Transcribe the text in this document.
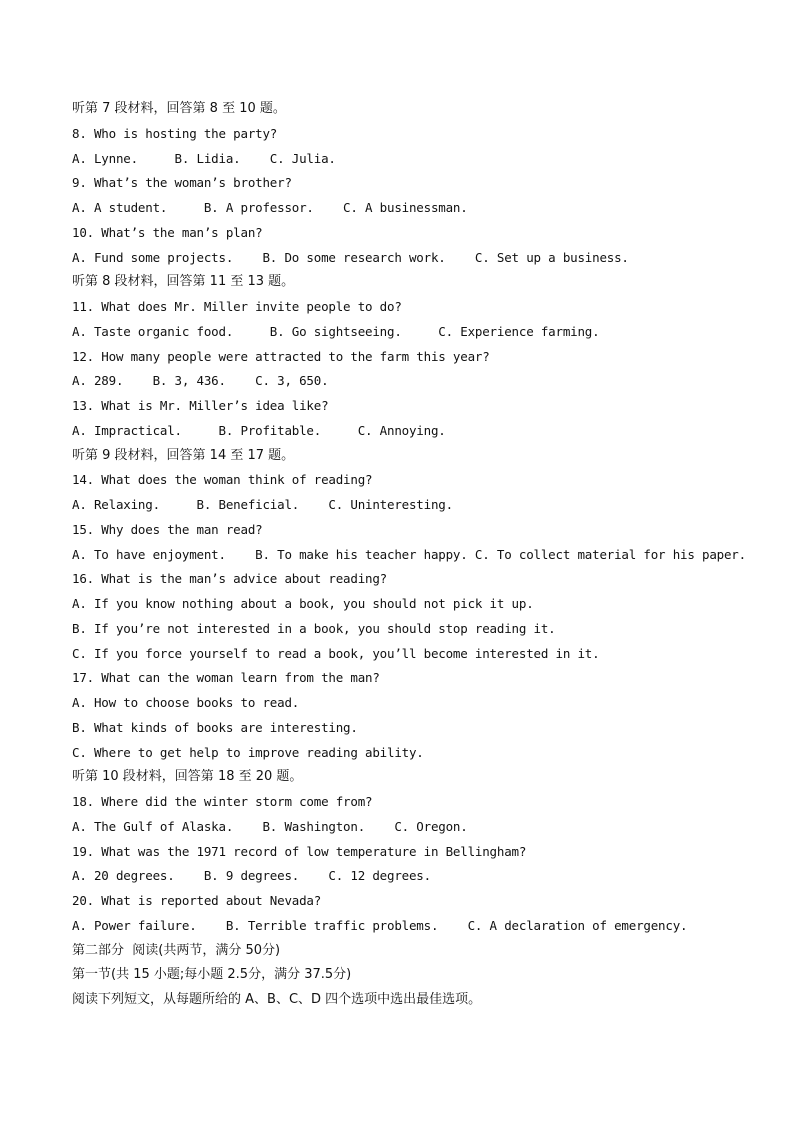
听第 7 段材料，回答第 8 至 10 题。
8. Who is hosting the party?
A. Lynne.     B. Lidia.    C. Julia.
9. What’s the woman’s brother?
A. A student.     B. A professor.    C. A businessman.
10. What’s the man’s plan?
A. Fund some projects.    B. Do some research work.    C. Set up a business.
听第 8 段材料，回答第 11 至 13 题。
11. What does Mr. Miller invite people to do?
A. Taste organic food.     B. Go sightseeing.     C. Experience farming.
12. How many people were attracted to the farm this year?
A. 289.    B. 3, 436.    C. 3, 650.
13. What is Mr. Miller’s idea like?
A. Impractical.     B. Profitable.     C. Annoying.
听第 9 段材料，回答第 14 至 17 题。
14. What does the woman think of reading?
A. Relaxing.     B. Beneficial.    C. Uninteresting.
15. Why does the man read?
A. To have enjoyment.    B. To make his teacher happy. C. To collect material for his paper.
16. What is the man’s advice about reading?
A. If you know nothing about a book, you should not pick it up.
B. If you’re not interested in a book, you should stop reading it.
C. If you force yourself to read a book, you’ll become interested in it.
17. What can the woman learn from the man?
A. How to choose books to read.
B. What kinds of books are interesting.
C. Where to get help to improve reading ability.
听第 10 段材料，回答第 18 至 20 题。
18. Where did the winter storm come from?
A. The Gulf of Alaska.    B. Washington.    C. Oregon.
19. What was the 1971 record of low temperature in Bellingham?
A. 20 degrees.    B. 9 degrees.    C. 12 degrees.
20. What is reported about Nevada?
A. Power failure.    B. Terrible traffic problems.    C. A declaration of emergency.
第二部分  阅读(共两节，满分 50分)
第一节(共 15 小题;每小题 2.5分，满分 37.5分)
阅读下列短文，从每题所给的 A、B、C、D 四个选项中选出最佳选项。
